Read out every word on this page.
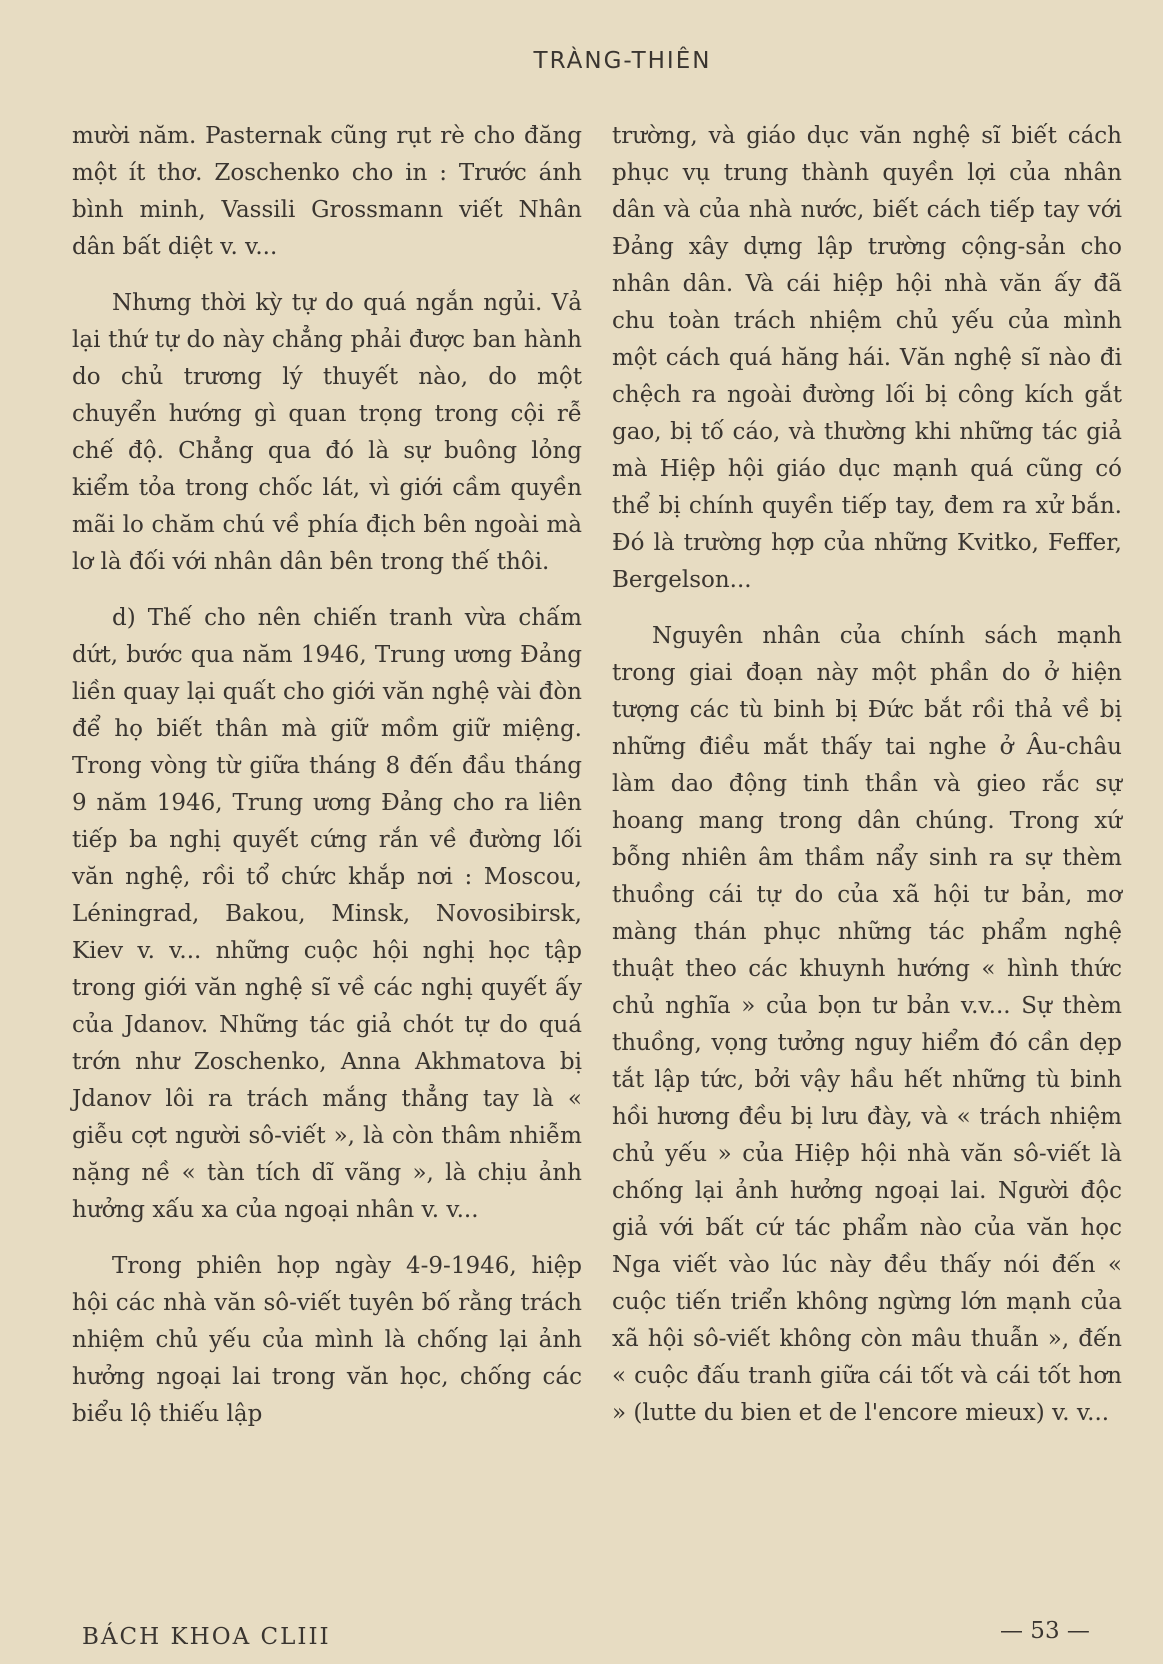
TRÀNG-THIÊN

mười năm. Pasternak cũng rụt rè cho đăng một ít thơ. Zoschenko cho in : Trước ánh bình minh, Vassili Grossmann viết Nhân dân bất diệt v. v...

Nhưng thời kỳ tự do quá ngắn ngủi. Vả lại thứ tự do này chẳng phải được ban hành do chủ trương lý thuyết nào, do một chuyển hướng gì quan trọng trong cội rễ chế độ. Chẳng qua đó là sự buông lỏng kiểm tỏa trong chốc lát, vì giới cầm quyền mãi lo chăm chú về phía địch bên ngoài mà lơ là đối với nhân dân bên trong thế thôi.

d) Thế cho nên chiến tranh vừa chấm dứt, bước qua năm 1946, Trung ương Đảng liền quay lại quất cho giới văn nghệ vài đòn để họ biết thân mà giữ mồm giữ miệng. Trong vòng từ giữa tháng 8 đến đầu tháng 9 năm 1946, Trung ương Đảng cho ra liên tiếp ba nghị quyết cứng rắn về đường lối văn nghệ, rồi tổ chức khắp nơi : Moscou, Léningrad, Bakou, Minsk, Novosibirsk, Kiev v. v... những cuộc hội nghị học tập trong giới văn nghệ sĩ về các nghị quyết ấy của Jdanov. Những tác giả chót tự do quá trớn như Zoschenko, Anna Akhmatova bị Jdanov lôi ra trách mắng thẳng tay là « giễu cợt người sô-viết », là còn thâm nhiễm nặng nề « tàn tích dĩ vãng », là chịu ảnh hưởng xấu xa của ngoại nhân v. v...

Trong phiên họp ngày 4-9-1946, hiệp hội các nhà văn sô-viết tuyên bố rằng trách nhiệm chủ yếu của mình là chống lại ảnh hưởng ngoại lai trong văn học, chống các biểu lộ thiếu lập

trường, và giáo dục văn nghệ sĩ biết cách phục vụ trung thành quyền lợi của nhân dân và của nhà nước, biết cách tiếp tay với Đảng xây dựng lập trường cộng-sản cho nhân dân. Và cái hiệp hội nhà văn ấy đã chu toàn trách nhiệm chủ yếu của mình một cách quá hăng hái. Văn nghệ sĩ nào đi chệch ra ngoài đường lối bị công kích gắt gao, bị tố cáo, và thường khi những tác giả mà Hiệp hội giáo dục mạnh quá cũng có thể bị chính quyền tiếp tay, đem ra xử bắn. Đó là trường hợp của những Kvitko, Feffer, Bergelson...

Nguyên nhân của chính sách mạnh trong giai đoạn này một phần do ở hiện tượng các tù binh bị Đức bắt rồi thả về bị những điều mắt thấy tai nghe ở Âu-châu làm dao động tinh thần và gieo rắc sự hoang mang trong dân chúng. Trong xứ bỗng nhiên âm thầm nẩy sinh ra sự thèm thuồng cái tự do của xã hội tư bản, mơ màng thán phục những tác phẩm nghệ thuật theo các khuynh hướng « hình thức chủ nghĩa » của bọn tư bản v.v... Sự thèm thuồng, vọng tưởng nguy hiểm đó cần dẹp tắt lập tức, bởi vậy hầu hết những tù binh hồi hương đều bị lưu đày, và « trách nhiệm chủ yếu » của Hiệp hội nhà văn sô-viết là chống lại ảnh hưởng ngoại lai. Người độc giả với bất cứ tác phẩm nào của văn học Nga viết vào lúc này đều thấy nói đến « cuộc tiến triển không ngừng lớn mạnh của xã hội sô-viết không còn mâu thuẫn », đến « cuộc đấu tranh giữa cái tốt và cái tốt hơn » (lutte du bien et de l'encore mieux) v. v...

BÁCH KHOA CLIII	— 53 —
